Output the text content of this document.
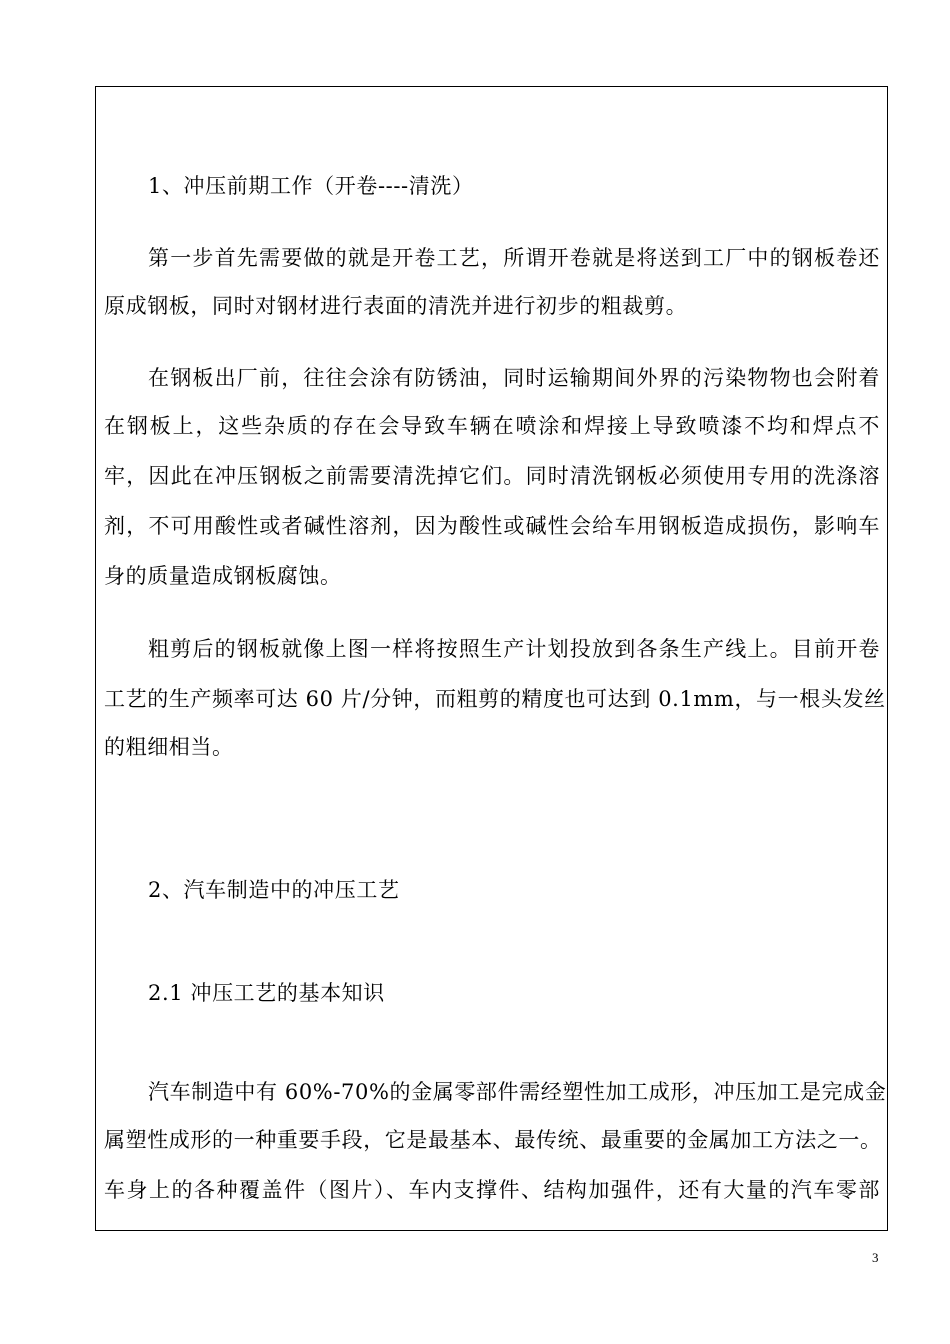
1、冲压前期工作（开卷----清洗）
第一步首先需要做的就是开卷工艺，所谓开卷就是将送到工厂中的钢板卷还
原成钢板，同时对钢材进行表面的清洗并进行初步的粗裁剪。
在钢板出厂前，往往会涂有防锈油，同时运输期间外界的污染物物也会附着
在钢板上，这些杂质的存在会导致车辆在喷涂和焊接上导致喷漆不均和焊点不
牢，因此在冲压钢板之前需要清洗掉它们。同时清洗钢板必须使用专用的洗涤溶
剂，不可用酸性或者碱性溶剂，因为酸性或碱性会给车用钢板造成损伤，影响车
身的质量造成钢板腐蚀。
粗剪后的钢板就像上图一样将按照生产计划投放到各条生产线上。目前开卷
工艺的生产频率可达 60 片/分钟，而粗剪的精度也可达到 0.1mm，与一根头发丝
的粗细相当。
2、汽车制造中的冲压工艺
2.1 冲压工艺的基本知识
汽车制造中有 60%-70%的金属零部件需经塑性加工成形，冲压加工是完成金
属塑性成形的一种重要手段，它是最基本、最传统、最重要的金属加工方法之一。
车身上的各种覆盖件（图片）、车内支撑件、结构加强件，还有大量的汽车零部
3
